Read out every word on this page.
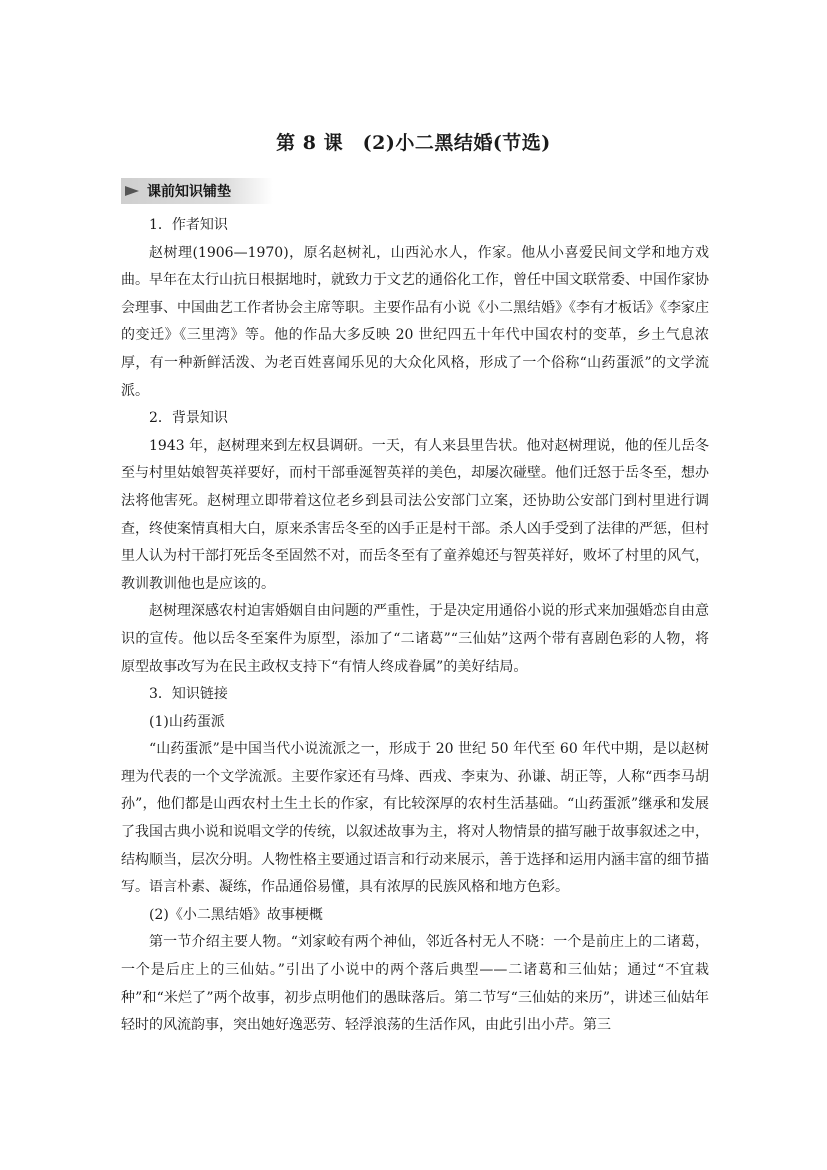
第 8 课　(2)小二黑结婚(节选)
课前知识铺垫

1．作者知识

赵树理(1906—1970)，原名赵树礼，山西沁水人，作家。他从小喜爱民间文学和地方戏曲。早年在太行山抗日根据地时，就致力于文艺的通俗化工作，曾任中国文联常委、中国作家协会理事、中国曲艺工作者协会主席等职。主要作品有小说《小二黑结婚》《李有才板话》《李家庄的变迁》《三里湾》等。他的作品大多反映 20 世纪四五十年代中国农村的变革，乡土气息浓厚，有一种新鲜活泼、为老百姓喜闻乐见的大众化风格，形成了一个俗称“山药蛋派”的文学流派。

2．背景知识

1943 年，赵树理来到左权县调研。一天，有人来县里告状。他对赵树理说，他的侄儿岳冬至与村里姑娘智英祥要好，而村干部垂涎智英祥的美色，却屡次碰壁。他们迁怒于岳冬至，想办法将他害死。赵树理立即带着这位老乡到县司法公安部门立案，还协助公安部门到村里进行调查，终使案情真相大白，原来杀害岳冬至的凶手正是村干部。杀人凶手受到了法律的严惩，但村里人认为村干部打死岳冬至固然不对，而岳冬至有了童养媳还与智英祥好，败坏了村里的风气，教训教训他也是应该的。

赵树理深感农村迫害婚姻自由问题的严重性，于是决定用通俗小说的形式来加强婚恋自由意识的宣传。他以岳冬至案件为原型，添加了“二诸葛”“三仙姑”这两个带有喜剧色彩的人物，将原型故事改写为在民主政权支持下“有情人终成眷属”的美好结局。

3．知识链接

(1)山药蛋派

“山药蛋派”是中国当代小说流派之一，形成于 20 世纪 50 年代至 60 年代中期，是以赵树理为代表的一个文学流派。主要作家还有马烽、西戎、李束为、孙谦、胡正等，人称“西李马胡孙”，他们都是山西农村土生土长的作家，有比较深厚的农村生活基础。“山药蛋派”继承和发展了我国古典小说和说唱文学的传统，以叙述故事为主，将对人物情景的描写融于故事叙述之中，结构顺当，层次分明。人物性格主要通过语言和行动来展示，善于选择和运用内涵丰富的细节描写。语言朴素、凝练，作品通俗易懂，具有浓厚的民族风格和地方色彩。

(2)《小二黑结婚》故事梗概

第一节介绍主要人物。“刘家峧有两个神仙，邻近各村无人不晓：一个是前庄上的二诸葛，一个是后庄上的三仙姑。”引出了小说中的两个落后典型——二诸葛和三仙姑；通过“不宜栽种”和“米烂了”两个故事，初步点明他们的愚昧落后。第二节写“三仙姑的来历”，讲述三仙姑年轻时的风流韵事，突出她好逸恶劳、轻浮浪荡的生活作风，由此引出小芹。第三
